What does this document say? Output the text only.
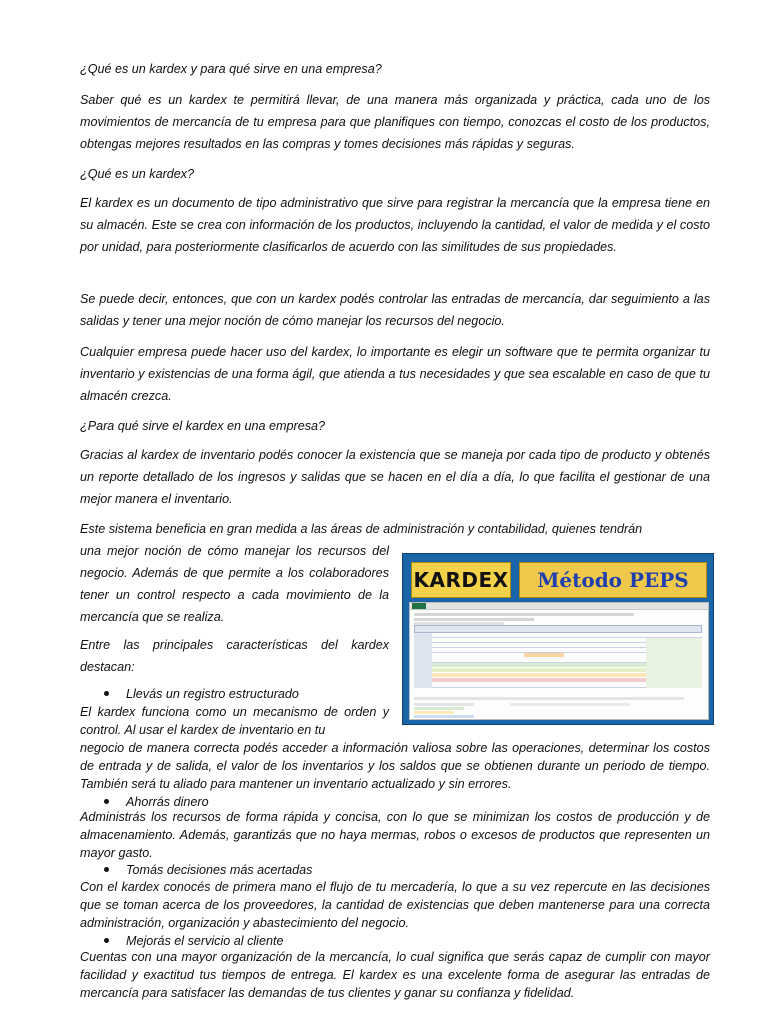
¿Qué es un kardex y para qué sirve en una empresa?

Saber qué es un kardex te permitirá llevar, de una manera más organizada y práctica, cada uno de los movimientos de mercancía de tu empresa para que planifiques con tiempo, conozcas el costo de los productos, obtengas mejores resultados en las compras y tomes decisiones más rápidas y seguras.

¿Qué es un kardex?

El kardex es un documento de tipo administrativo que sirve para registrar la mercancía que la empresa tiene en su almacén. Este se crea con información de los productos, incluyendo la cantidad, el valor de medida y el costo por unidad, para posteriormente clasificarlos de acuerdo con las similitudes de sus propiedades.

Se puede decir, entonces, que con un kardex podés controlar las entradas de mercancía, dar seguimiento a las salidas y tener una mejor noción de cómo manejar los recursos del negocio.

Cualquier empresa puede hacer uso del kardex, lo importante es elegir un software que te permita organizar tu inventario y existencias de una forma ágil, que atienda a tus necesidades y que sea escalable en caso de que tu almacén crezca.

¿Para qué sirve el kardex en una empresa?

Gracias al kardex de inventario podés conocer la existencia que se maneja por cada tipo de producto y obtenés un reporte detallado de los ingresos y salidas que se hacen en el día a día, lo que facilita el gestionar de una mejor manera el inventario.

Este sistema beneficia en gran medida a las áreas de administración y contabilidad, quienes tendrán

una mejor noción de cómo manejar los recursos del negocio. Además de que permite a los colaboradores tener un control respecto a cada movimiento de la mercancía que se realiza.

Entre las principales características del kardex destacan:

KARDEX	Método PEPS
Llevás un registro estructurado

El kardex funciona como un mecanismo de orden y control. Al usar el kardex de inventario en tu

negocio de manera correcta podés acceder a información valiosa sobre las operaciones, determinar los costos de entrada y de salida, el valor de los inventarios y los saldos que se obtienen durante un periodo de tiempo. También será tu aliado para mantener un inventario actualizado y sin errores.

Ahorrás dinero

Administrás los recursos de forma rápida y concisa, con lo que se minimizan los costos de producción y de almacenamiento. Además, garantizás que no haya mermas, robos o excesos de productos que representen un mayor gasto.

Tomás decisiones más acertadas

Con el kardex conocés de primera mano el flujo de tu mercadería, lo que a su vez repercute en las decisiones que se toman acerca de los proveedores, la cantidad de existencias que deben mantenerse para una correcta administración, organización y abastecimiento del negocio.

Mejorás el servicio al cliente

Cuentas con una mayor organización de la mercancía, lo cual significa que serás capaz de cumplir con mayor facilidad y exactitud tus tiempos de entrega. El kardex es una excelente forma de asegurar las entradas de mercancía para satisfacer las demandas de tus clientes y ganar su confianza y fidelidad.
